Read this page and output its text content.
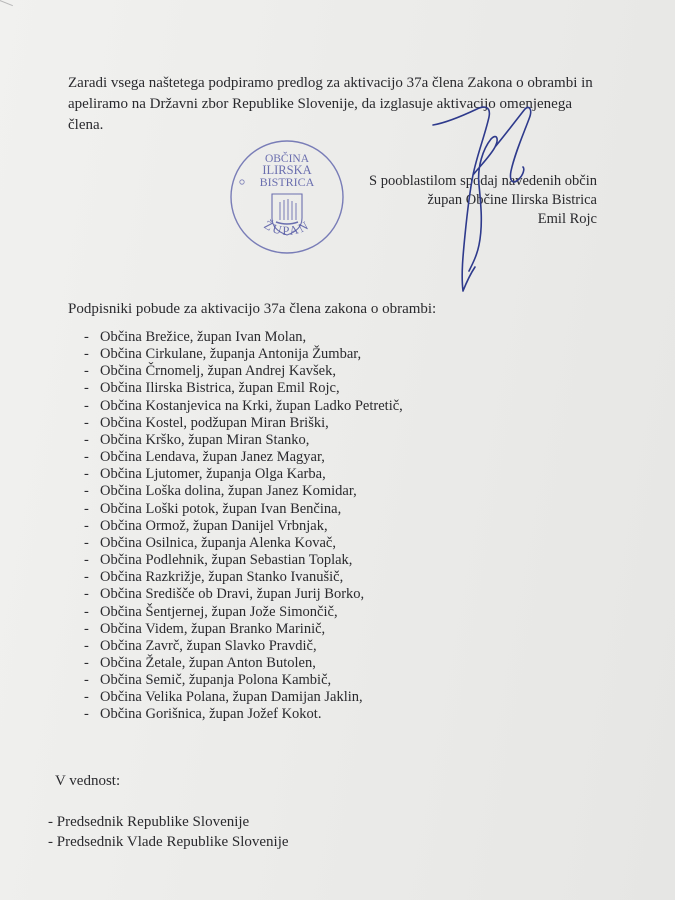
Zaradi vsega naštetega podpiramo predlog za aktivacijo 37a člena Zakona o obrambi in

apeliramo na Državni zbor Republike Slovenije, da izglasuje aktivacijo omenjenega člena.

OBČINA
ILIRSKA
BISTRICA
ŽUPAN
S pooblastilom spodaj navedenih občin
župan Občine Ilirska Bistrica
Emil Rojc
Podpisniki pobude za aktivacijo 37a člena zakona o obrambi:
- Občina Brežice, župan Ivan Molan,
- Občina Cirkulane, županja Antonija Žumbar,
- Občina Črnomelj, župan Andrej Kavšek,
- Občina Ilirska Bistrica, župan Emil Rojc,
- Občina Kostanjevica na Krki, župan Ladko Petretič,
- Občina Kostel, podžupan Miran Briški,
- Občina Krško, župan Miran Stanko,
- Občina Lendava, župan Janez Magyar,
- Občina Ljutomer, županja Olga Karba,
- Občina Loška dolina, župan Janez Komidar,
- Občina Loški potok, župan Ivan Benčina,
- Občina Ormož, župan Danijel Vrbnjak,
- Občina Osilnica, županja Alenka Kovač,
- Občina Podlehnik, župan Sebastian Toplak,
- Občina Razkrižje, župan Stanko Ivanušič,
- Občina Središče ob Dravi, župan Jurij Borko,
- Občina Šentjernej, župan Jože Simončič,
- Občina Videm, župan Branko Marinič,
- Občina Zavrč, župan Slavko Pravdič,
- Občina Žetale, župan Anton Butolen,
- Občina Semič, županja Polona Kambič,
- Občina Velika Polana, župan Damijan Jaklin,
- Občina Gorišnica, župan Jožef Kokot.
V vednost:
- Predsednik Republike Slovenije
- Predsednik Vlade Republike Slovenije
